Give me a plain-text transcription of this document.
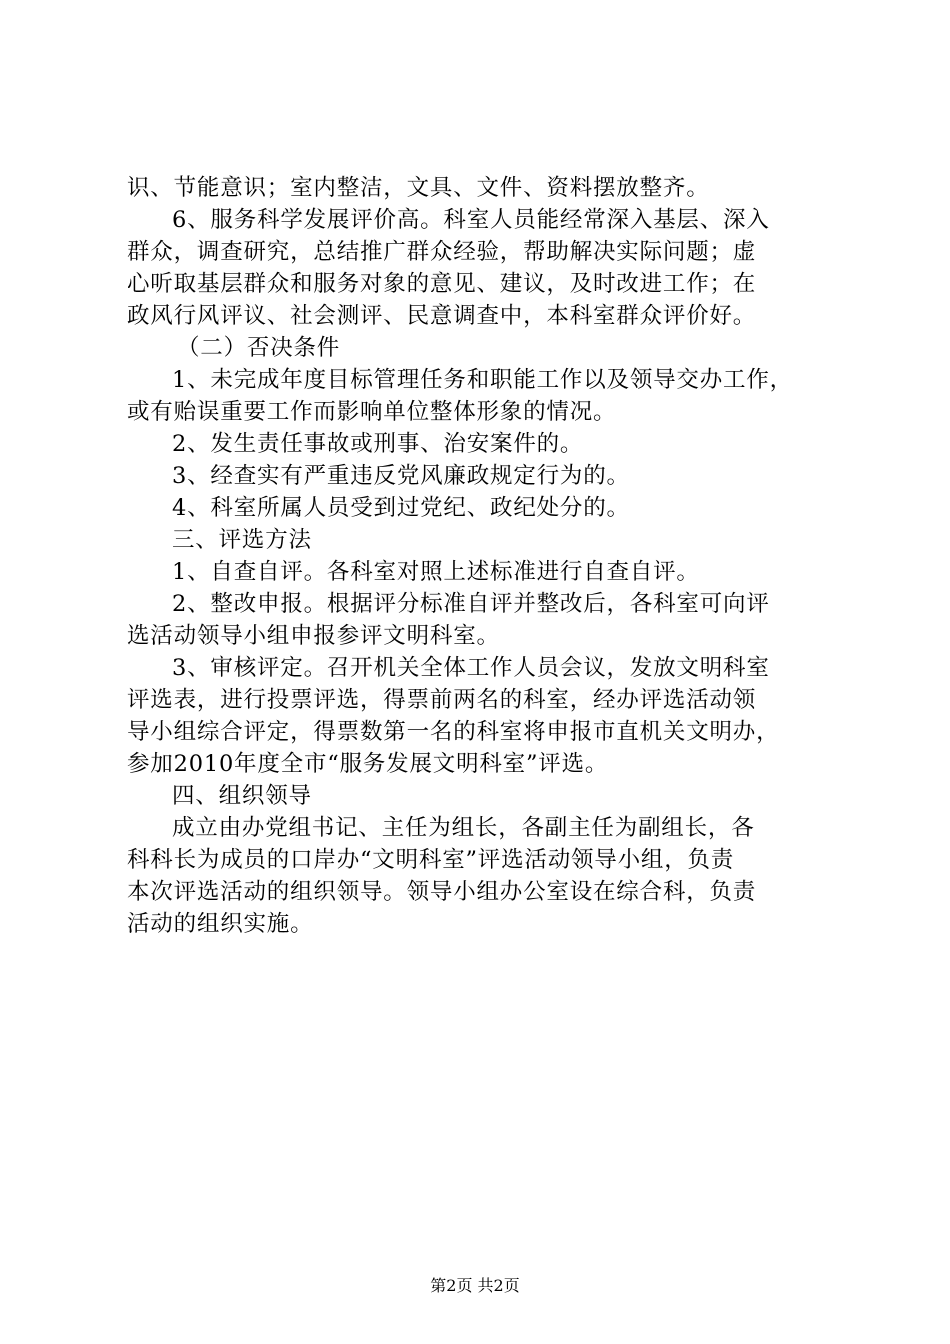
识、节能意识；室内整洁，文具、文件、资料摆放整齐。
6、服务科学发展评价高。科室人员能经常深入基层、深入
群众，调查研究，总结推广群众经验，帮助解决实际问题；虚
心听取基层群众和服务对象的意见、建议，及时改进工作；在
政风行风评议、社会测评、民意调查中，本科室群众评价好。
（二）否决条件
1、未完成年度目标管理任务和职能工作以及领导交办工作，
或有贻误重要工作而影响单位整体形象的情况。
2、发生责任事故或刑事、治安案件的。
3、经查实有严重违反党风廉政规定行为的。
4、科室所属人员受到过党纪、政纪处分的。
三、评选方法
1、自查自评。各科室对照上述标准进行自查自评。
2、整改申报。根据评分标准自评并整改后，各科室可向评
选活动领导小组申报参评文明科室。
3、审核评定。召开机关全体工作人员会议，发放文明科室
评选表，进行投票评选，得票前两名的科室，经办评选活动领
导小组综合评定，得票数第一名的科室将申报市直机关文明办，
参加2010年度全市“服务发展文明科室”评选。
四、组织领导
成立由办党组书记、主任为组长，各副主任为副组长，各
科科长为成员的口岸办“文明科室”评选活动领导小组，负责
本次评选活动的组织领导。领导小组办公室设在综合科，负责
活动的组织实施。
第2页 共2页
